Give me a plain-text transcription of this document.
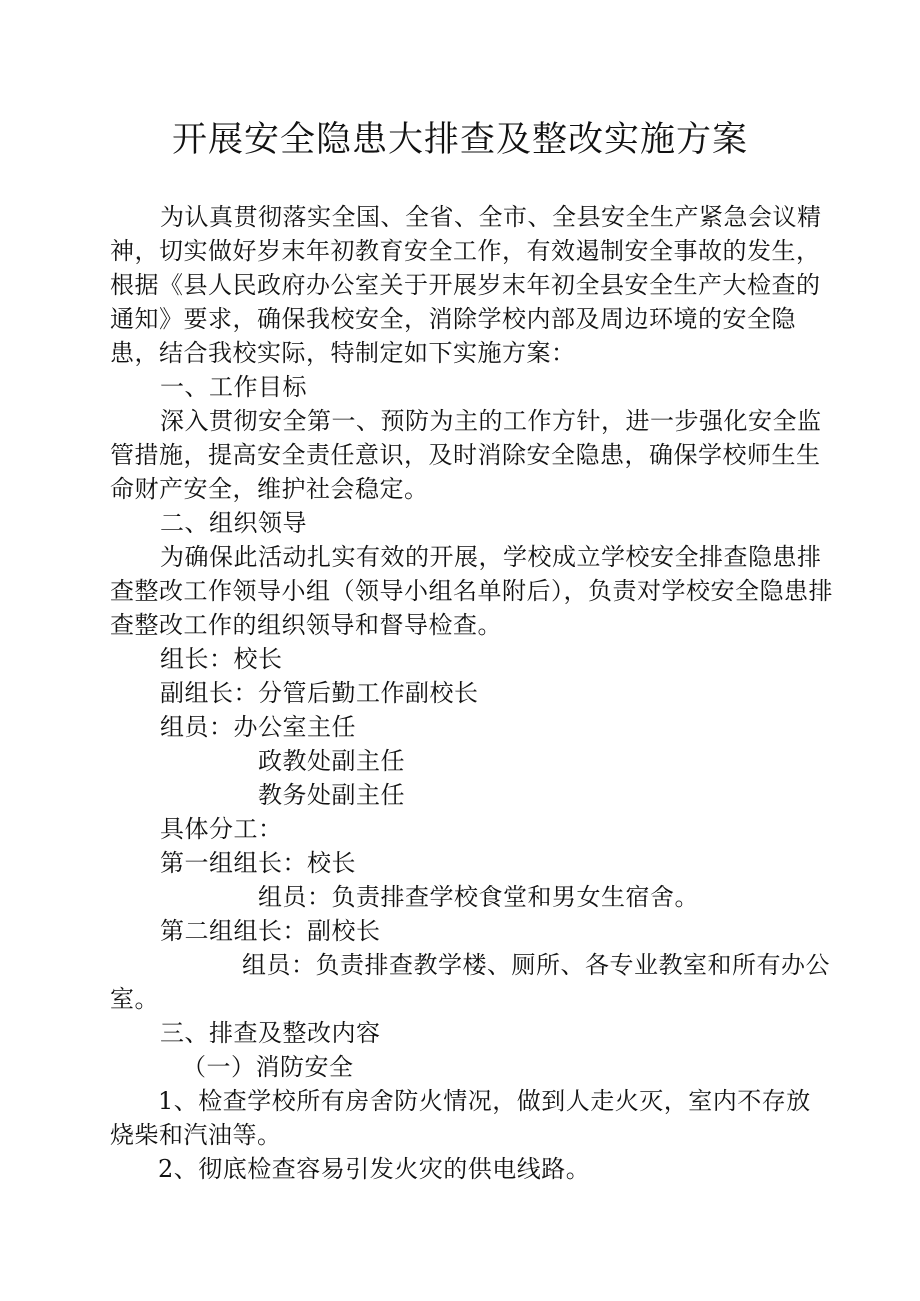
开展安全隐患大排查及整改实施方案

为认真贯彻落实全国、全省、全市、全县安全生产紧急会议精神，切实做好岁末年初教育安全工作，有效遏制安全事故的发生，根据《县人民政府办公室关于开展岁末年初全县安全生产大检查的通知》要求，确保我校安全，消除学校内部及周边环境的安全隐患，结合我校实际，特制定如下实施方案：

一、工作目标

深入贯彻安全第一、预防为主的工作方针，进一步强化安全监管措施，提高安全责任意识，及时消除安全隐患，确保学校师生生命财产安全，维护社会稳定。

二、组织领导

为确保此活动扎实有效的开展，学校成立学校安全排查隐患排查整改工作领导小组（领导小组名单附后），负责对学校安全隐患排查整改工作的组织领导和督导检查。

组长：校长

副组长：分管后勤工作副校长

组员：办公室主任

政教处副主任

教务处副主任

具体分工：

第一组组长：校长

组员：负责排查学校食堂和男女生宿舍。

第二组组长：副校长

组员：负责排查教学楼、厕所、各专业教室和所有办公室。

三、排查及整改内容

（一）消防安全

1、检查学校所有房舍防火情况，做到人走火灭，室内不存放烧柴和汽油等。

2、彻底检查容易引发火灾的供电线路。
